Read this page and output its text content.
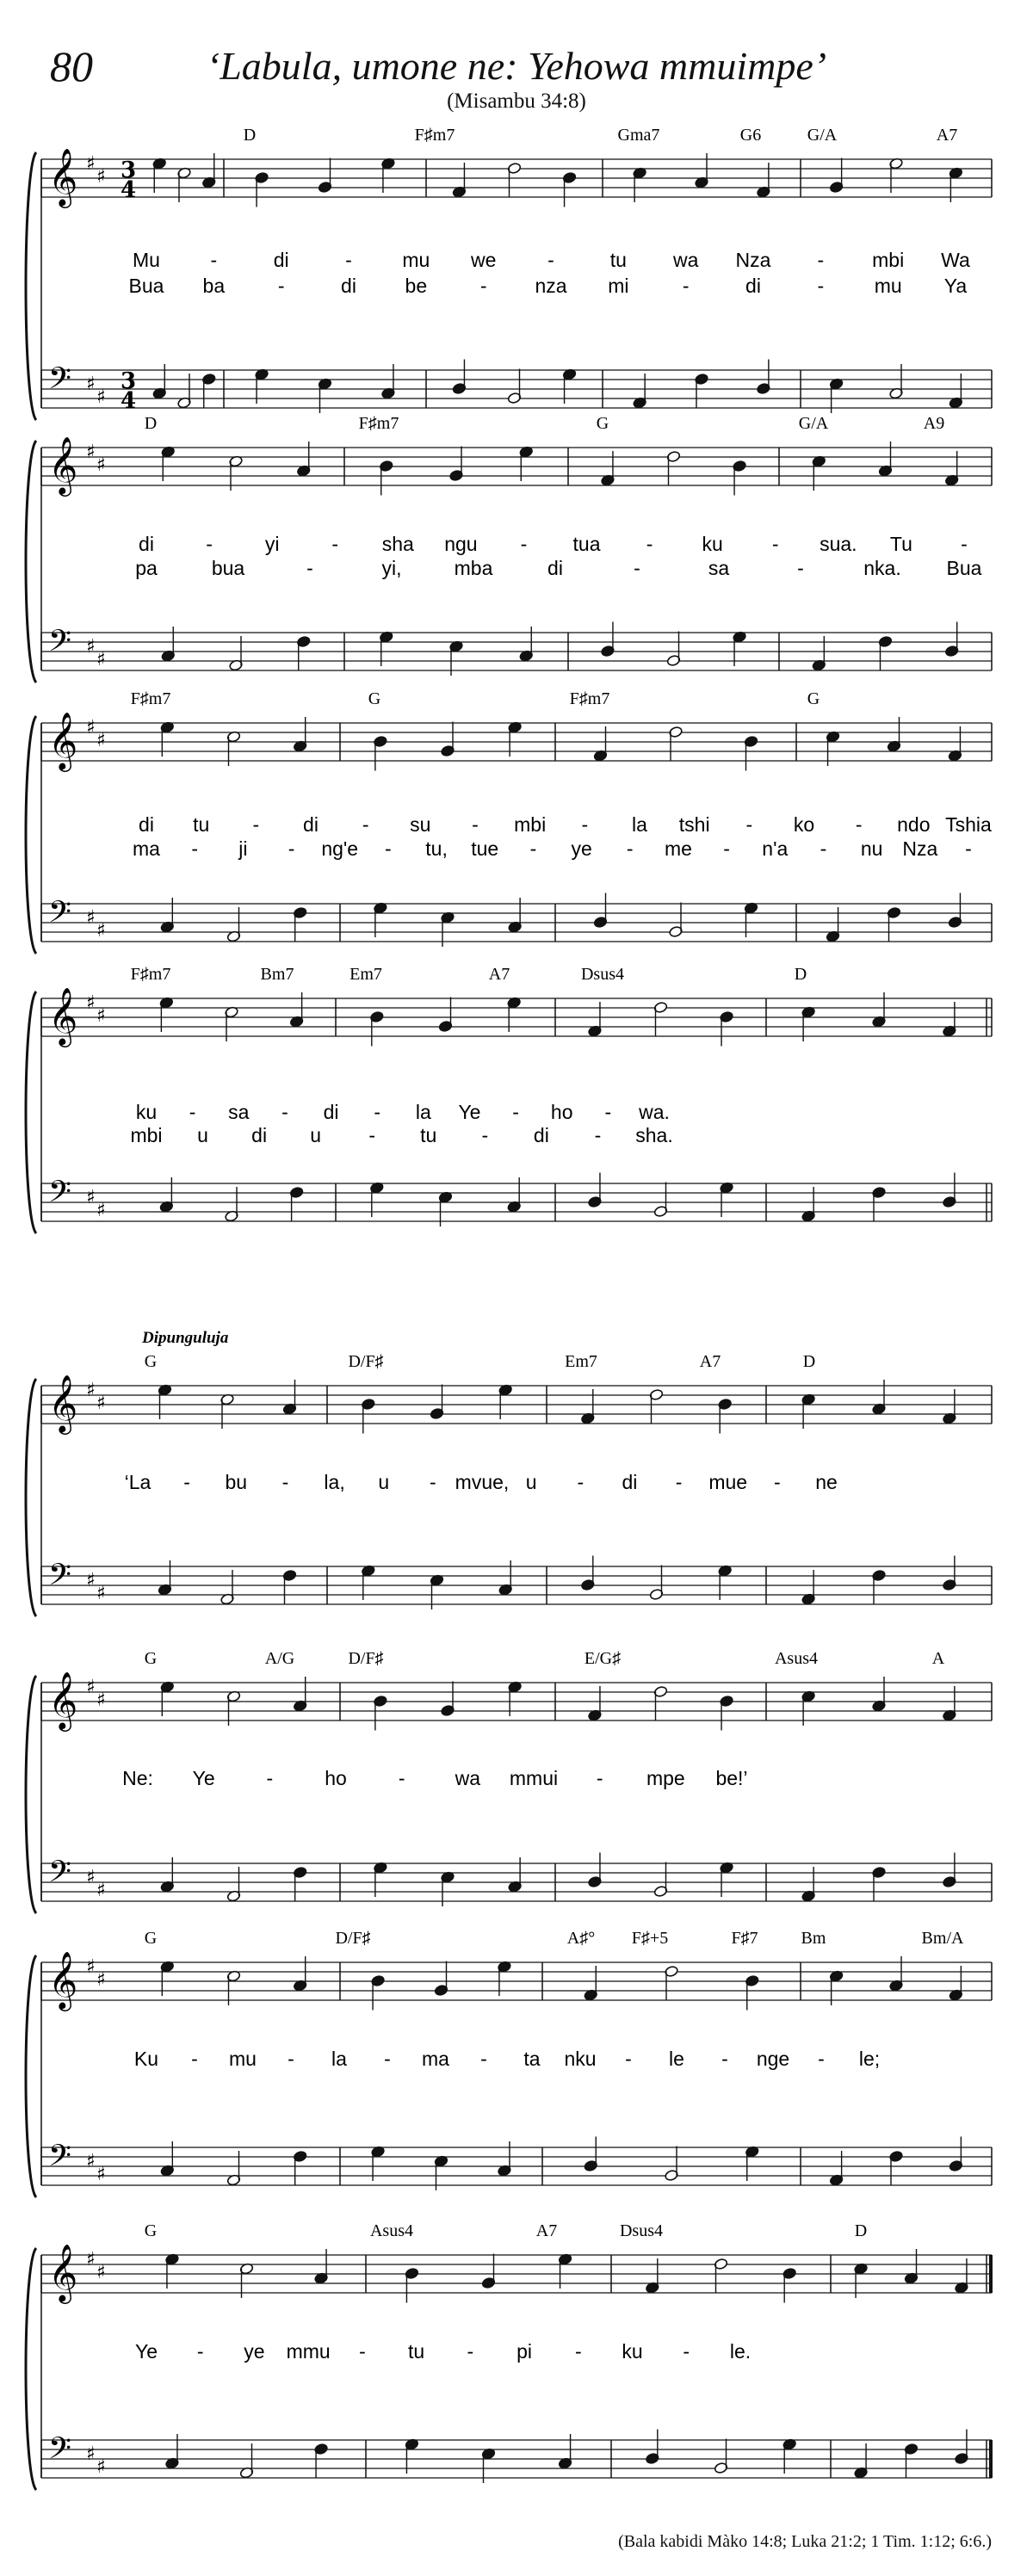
80	‘Labula, umone ne: Yehowa mmuimpe’
(Misambu 34:8)
𝄞 ♯
♯ 3
4
𝄢 ♯
♯
3
4
D	F♯m7	Gma7	G6	G/A	A7
Mu	-	di	-	mu we	-	tu wa Nza - mbi Wa
Bua ba	-	di be	- nza mi	-	di	-	mu Ya
𝄞 ♯
♯
𝄢 ♯
♯
D	F♯m7	G	G/A	A9
di	-	yi	- sha ngu - tua - ku - sua. Tu -
pa	bua	-	yi,	mba	di	-	sa	-	nka. Bua
𝄞 ♯
♯
𝄢 ♯
♯
F♯m7	G	F♯m7	G
di tu - di - su - mbi - la tshi - ko - ndo Tshia
ma - ji - ng'e - tu, tue - ye - me - n'a - nu Nza -
𝄞 ♯
♯
𝄢 ♯
♯
F♯m7	Bm7	Em7	A7	Dsus4	D
ku - sa - di - la Ye - ho - wa.
mbi u di u - tu - di - sha.
𝄞 ♯
♯
𝄢 ♯
♯
G	D/F♯	Em7	A7	D
Dipunguluja
‘La - bu - la, u - mvue, u - di - mue - ne
𝄞 ♯
♯
𝄢 ♯
♯
G	A/G	D/F♯	E/G♯	Asus4	A
Ne: Ye	-	ho	-	wa mmui - mpe be!’
𝄞 ♯
♯
𝄢 ♯
♯
G	D/F♯	A♯° F♯+5	F♯7 Bm	Bm/A
Ku - mu - la - ma - ta nku - le - nge - le;
𝄞 ♯
♯
𝄢 ♯
♯
G	Asus4	A7	Dsus4	D
Ye - ye mmu - tu - pi - ku - le.
(Bala kabidi Màko 14:8; Luka 21:2; 1 Tim. 1:12; 6:6.)
